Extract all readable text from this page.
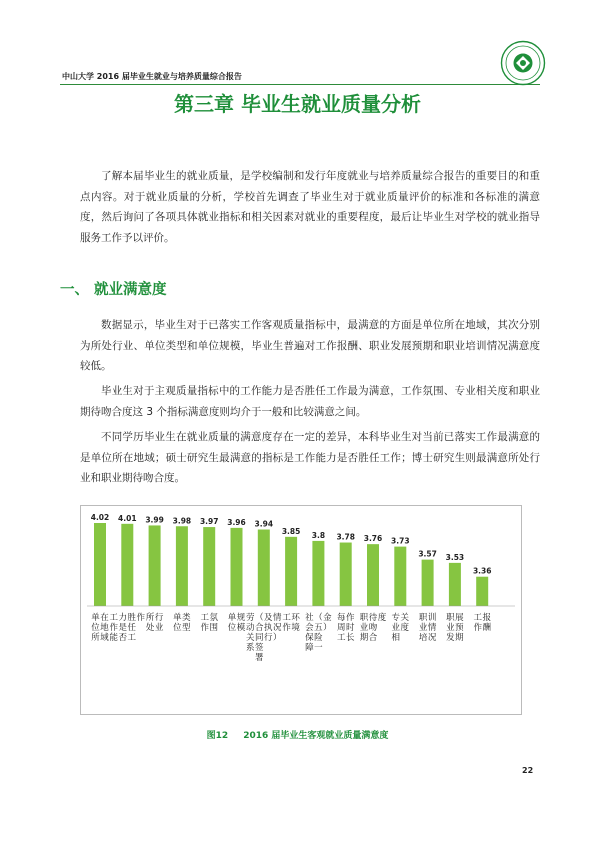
中山大学 2016 届毕业生就业与培养质量综合报告
第三章 毕业生就业质量分析
了解本届毕业生的就业质量，是学校编制和发行年度就业与培养质量综合报告的重要目的和重点内容。对于就业质量的分析，学校首先调查了毕业生对于就业质量评价的标准和各标准的满意度，然后询问了各项具体就业指标和相关因素对就业的重要程度，最后让毕业生对学校的就业指导服务工作予以评价。
一、 就业满意度
数据显示，毕业生对于已落实工作客观质量指标中，最满意的方面是单位所在地域，其次分别为所处行业、单位类型和单位规模，毕业生普遍对工作报酬、职业发展预期和职业培训情况满意度较低。
毕业生对于主观质量指标中的工作能力是否胜任工作最为满意，工作氛围、专业相关度和职业期待吻合度这 3 个指标满意度则均介于一般和比较满意之间。
不同学历毕业生在就业质量的满意度存在一定的差异，本科毕业生对当前已落实工作最满意的是单位所在地域；硕士研究生最满意的指标是工作能力是否胜任工作；博士研究生则最满意所处行业和职业期待吻合度。
4.02
单
位
所
在
地
域
4.01
工
作
能
力
是
否
胜
任
工
作
3.99
所
处
行
业
3.98
单
位
类
型
3.97
工
作
氛
围
3.96
单
位
规
模
3.94
劳
动
关
系
（
合
同
签
署
及
执
行
情
况
）
3.85
工
作
环
境
3.8
社
会
保
障
（
五
险
一
金
）
3.78
每
周
工
作
时
长
3.76
职
业
期
待
吻
合
度
3.73
专
业
相
关
度
3.57
职
业
培
训
情
况
3.53
职
业
发
展
预
期
3.36
工
作
报
酬
图12 2016 届毕业生客观就业质量满意度
22
